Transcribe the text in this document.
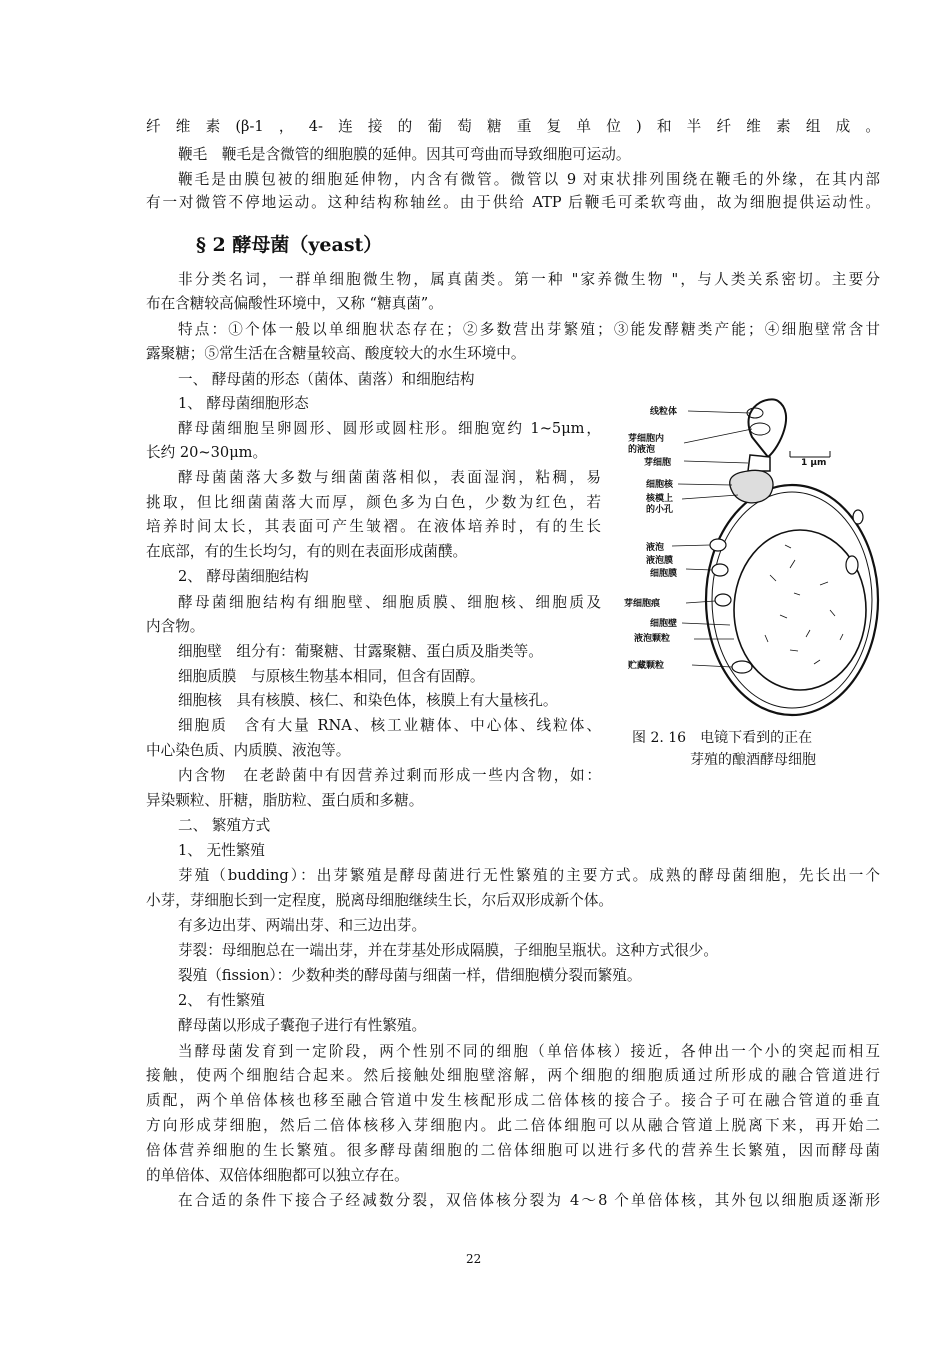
纤维素(β-1，4-连接的葡萄糖重复单位)和半纤维素组成。
鞭毛　鞭毛是含微管的细胞膜的延伸。因其可弯曲而导致细胞可运动。
鞭毛是由膜包被的细胞延伸物，内含有微管。微管以 9 对束状排列围绕在鞭毛的外缘，在其内部
有一对微管不停地运动。这种结构称轴丝。由于供给 ATP 后鞭毛可柔软弯曲，故为细胞提供运动性。
§ 2 酵母菌（yeast）
非分类名词，一群单细胞微生物，属真菌类。第一种 "家养微生物 "，与人类关系密切。主要分
布在含糖较高偏酸性环境中，又称 “糖真菌”。
特点：①个体一般以单细胞状态存在；②多数营出芽繁殖；③能发酵糖类产能；④细胞壁常含甘
露聚糖；⑤常生活在含糖量较高、酸度较大的水生环境中。
一、 酵母菌的形态（菌体、菌落）和细胞结构
1、 酵母菌细胞形态
酵母菌细胞呈卵圆形、圆形或圆柱形。细胞宽约 1~5μm，
长约 20~30μm。
酵母菌菌落大多数与细菌菌落相似，表面湿润，粘稠，易
挑取，但比细菌菌落大而厚，颜色多为白色，少数为红色，若
培养时间太长，其表面可产生皱褶。在液体培养时，有的生长
在底部，有的生长均匀，有的则在表面形成菌醭。
2、 酵母菌细胞结构
酵母菌细胞结构有细胞壁、细胞质膜、细胞核、细胞质及
内含物。
细胞壁　组分有：葡聚糖、甘露聚糖、蛋白质及脂类等。
细胞质膜　与原核生物基本相同，但含有固醇。
细胞核　具有核膜、核仁、和染色体，核膜上有大量核孔。
细胞质　含有大量 RNA、核工业糖体、中心体、线粒体、
中心染色质、内质膜、液泡等。
内含物　在老龄菌中有因营养过剩而形成一些内含物，如：
异染颗粒、肝糖，脂肪粒、蛋白质和多糖。
二、 繁殖方式
1、 无性繁殖
芽殖（budding）：出芽繁殖是酵母菌进行无性繁殖的主要方式。成熟的酵母菌细胞，先长出一个
小芽，芽细胞长到一定程度，脱离母细胞继续生长，尔后双形成新个体。
有多边出芽、两端出芽、和三边出芽。
芽裂：母细胞总在一端出芽，并在芽基处形成隔膜，子细胞呈瓶状。这种方式很少。
裂殖（fission）：少数种类的酵母菌与细菌一样，借细胞横分裂而繁殖。
2、 有性繁殖
酵母菌以形成子囊孢子进行有性繁殖。
当酵母菌发育到一定阶段，两个性别不同的细胞（单倍体核）接近，各伸出一个小的突起而相互
接触，使两个细胞结合起来。然后接触处细胞壁溶解，两个细胞的细胞质通过所形成的融合管道进行
质配，两个单倍体核也移至融合管道中发生核配形成二倍体核的接合子。接合子可在融合管道的垂直
方向形成芽细胞，然后二倍体核移入芽细胞内。此二倍体细胞可以从融合管道上脱离下来，再开始二
倍体营养细胞的生长繁殖。很多酵母菌细胞的二倍体细胞可以进行多代的营养生长繁殖，因而酵母菌
的单倍体、双倍体细胞都可以独立存在。
在合适的条件下接合子经减数分裂，双倍体核分裂为 4～8 个单倍体核，其外包以细胞质逐渐形
1 μm
线粒体
芽细胞内
的液泡
芽细胞
细胞核
核模上
的小孔
液泡
液泡膜
细胞膜
芽细胞痕
细胞壁
液泡颗粒
贮藏颗粒
图 2. 16　电镜下看到的正在
芽殖的酿酒酵母细胞
22
